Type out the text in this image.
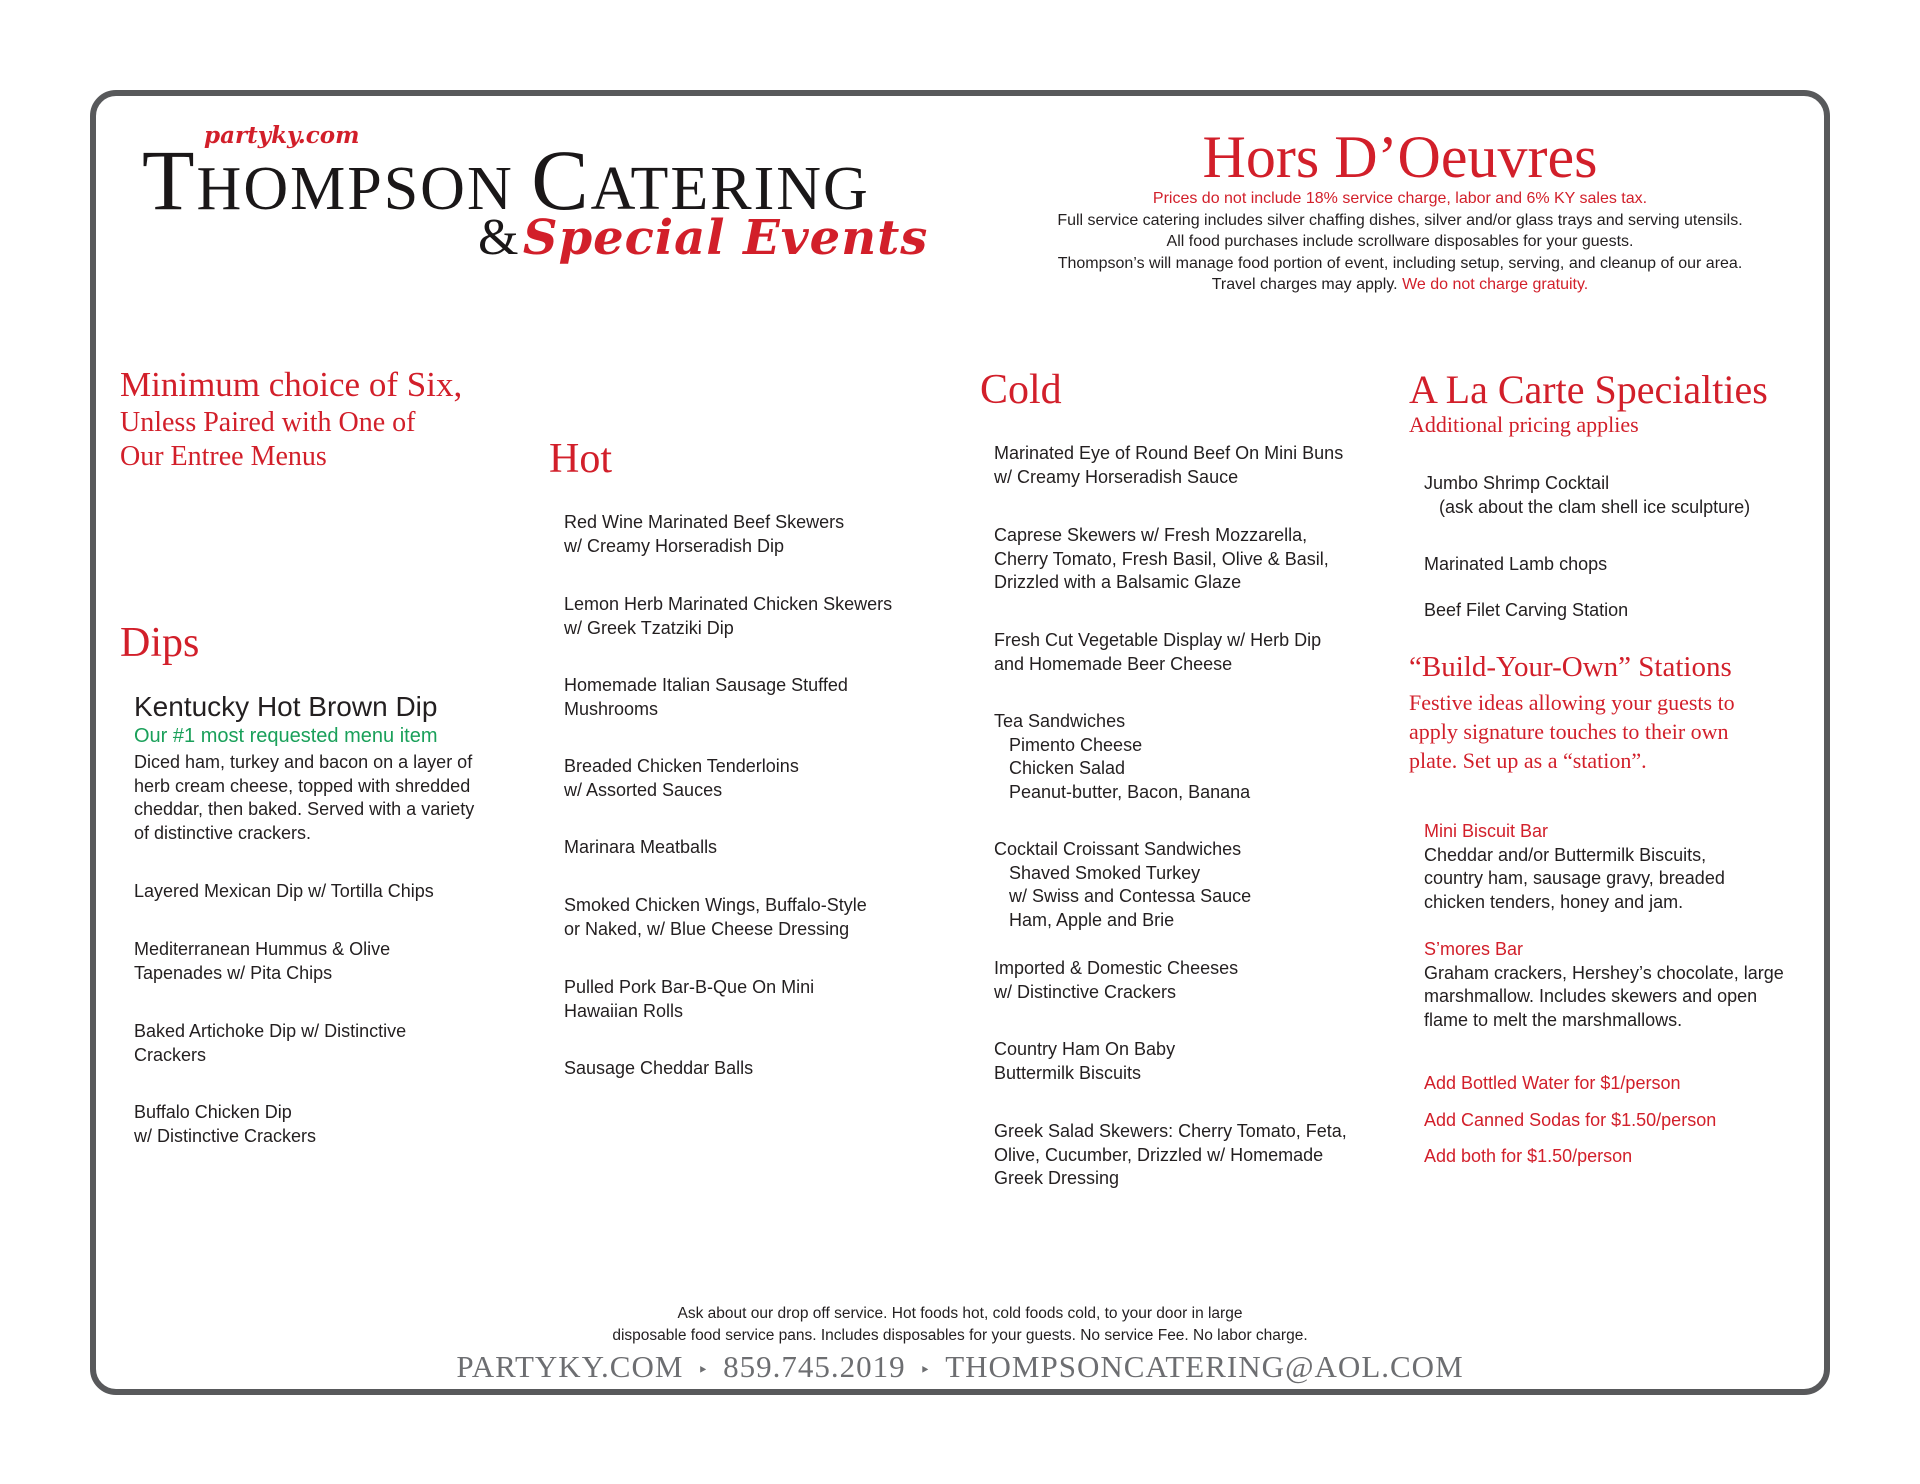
partyky.com
THOMPSON CATERING
& Special Events
Hors D’Oeuvres
Prices do not include 18% service charge, labor and 6% KY sales tax.
Full service catering includes silver chaffing dishes, silver and/or glass trays and serving utensils.
All food purchases include scrollware disposables for your guests.
Thompson’s will manage food portion of event, including setup, serving, and cleanup of our area.
Travel charges may apply. We do not charge gratuity.
Minimum choice of Six,
Unless Paired with One of
Our Entree Menus
Dips
Kentucky Hot Brown Dip
Our #1 most requested menu item
Diced ham, turkey and bacon on a layer of
herb cream cheese, topped with shredded
cheddar, then baked. Served with a variety
of distinctive crackers.
Layered Mexican Dip w/ Tortilla Chips
Mediterranean Hummus & Olive
Tapenades w/ Pita Chips
Baked Artichoke Dip w/ Distinctive
Crackers
Buffalo Chicken Dip
w/ Distinctive Crackers
Hot
Red Wine Marinated Beef Skewers
w/ Creamy Horseradish Dip
Lemon Herb Marinated Chicken Skewers
w/ Greek Tzatziki Dip
Homemade Italian Sausage Stuffed
Mushrooms
Breaded Chicken Tenderloins
w/ Assorted Sauces
Marinara Meatballs
Smoked Chicken Wings, Buffalo-Style
or Naked, w/ Blue Cheese Dressing
Pulled Pork Bar-B-Que On Mini
Hawaiian Rolls
Sausage Cheddar Balls
Cold
Marinated Eye of Round Beef On Mini Buns
w/ Creamy Horseradish Sauce
Caprese Skewers w/ Fresh Mozzarella,
Cherry Tomato, Fresh Basil, Olive & Basil,
Drizzled with a Balsamic Glaze
Fresh Cut Vegetable Display w/ Herb Dip
and Homemade Beer Cheese
Tea Sandwiches
Pimento Cheese
Chicken Salad
Peanut-butter, Bacon, Banana
Cocktail Croissant Sandwiches
Shaved Smoked Turkey
w/ Swiss and Contessa Sauce
Ham, Apple and Brie
Imported & Domestic Cheeses
w/ Distinctive Crackers
Country Ham On Baby
Buttermilk Biscuits
Greek Salad Skewers: Cherry Tomato, Feta,
Olive, Cucumber, Drizzled w/ Homemade
Greek Dressing
A La Carte Specialties
Additional pricing applies
Jumbo Shrimp Cocktail
(ask about the clam shell ice sculpture)
Marinated Lamb chops
Beef Filet Carving Station
“Build-Your-Own” Stations
Festive ideas allowing your guests to
apply signature touches to their own
plate. Set up as a “station”.
Mini Biscuit Bar
Cheddar and/or Buttermilk Biscuits,
country ham, sausage gravy, breaded
chicken tenders, honey and jam.
S’mores Bar
Graham crackers, Hershey’s chocolate, large
marshmallow. Includes skewers and open
flame to melt the marshmallows.
Add Bottled Water for $1/person
Add Canned Sodas for $1.50/person
Add both for $1.50/person
Ask about our drop off service. Hot foods hot, cold foods cold, to your door in large
disposable food service pans. Includes disposables for your guests. No service Fee. No labor charge.
PARTYKY.COM ‣ 859.745.2019 ‣ THOMPSONCATERING@AOL.COM
